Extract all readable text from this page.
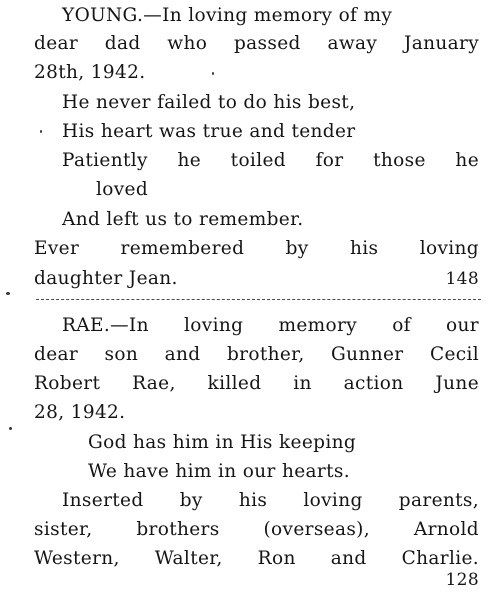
YOUNG.—In loving memory of my
dear dad who passed away January
28th, 1942.
He never failed to do his best,
His heart was true and tender
Patiently he toiled for those he
loved
And left us to remember.
Ever remembered by his loving
daughter Jean.	148
RAE.—In loving memory of our
dear son and brother, Gunner Cecil
Robert Rae, killed in action June
28, 1942.
God has him in His keeping
We have him in our hearts.
Inserted by his loving parents,
sister, brothers (overseas), Arnold
Western, Walter, Ron and Charlie.
128
